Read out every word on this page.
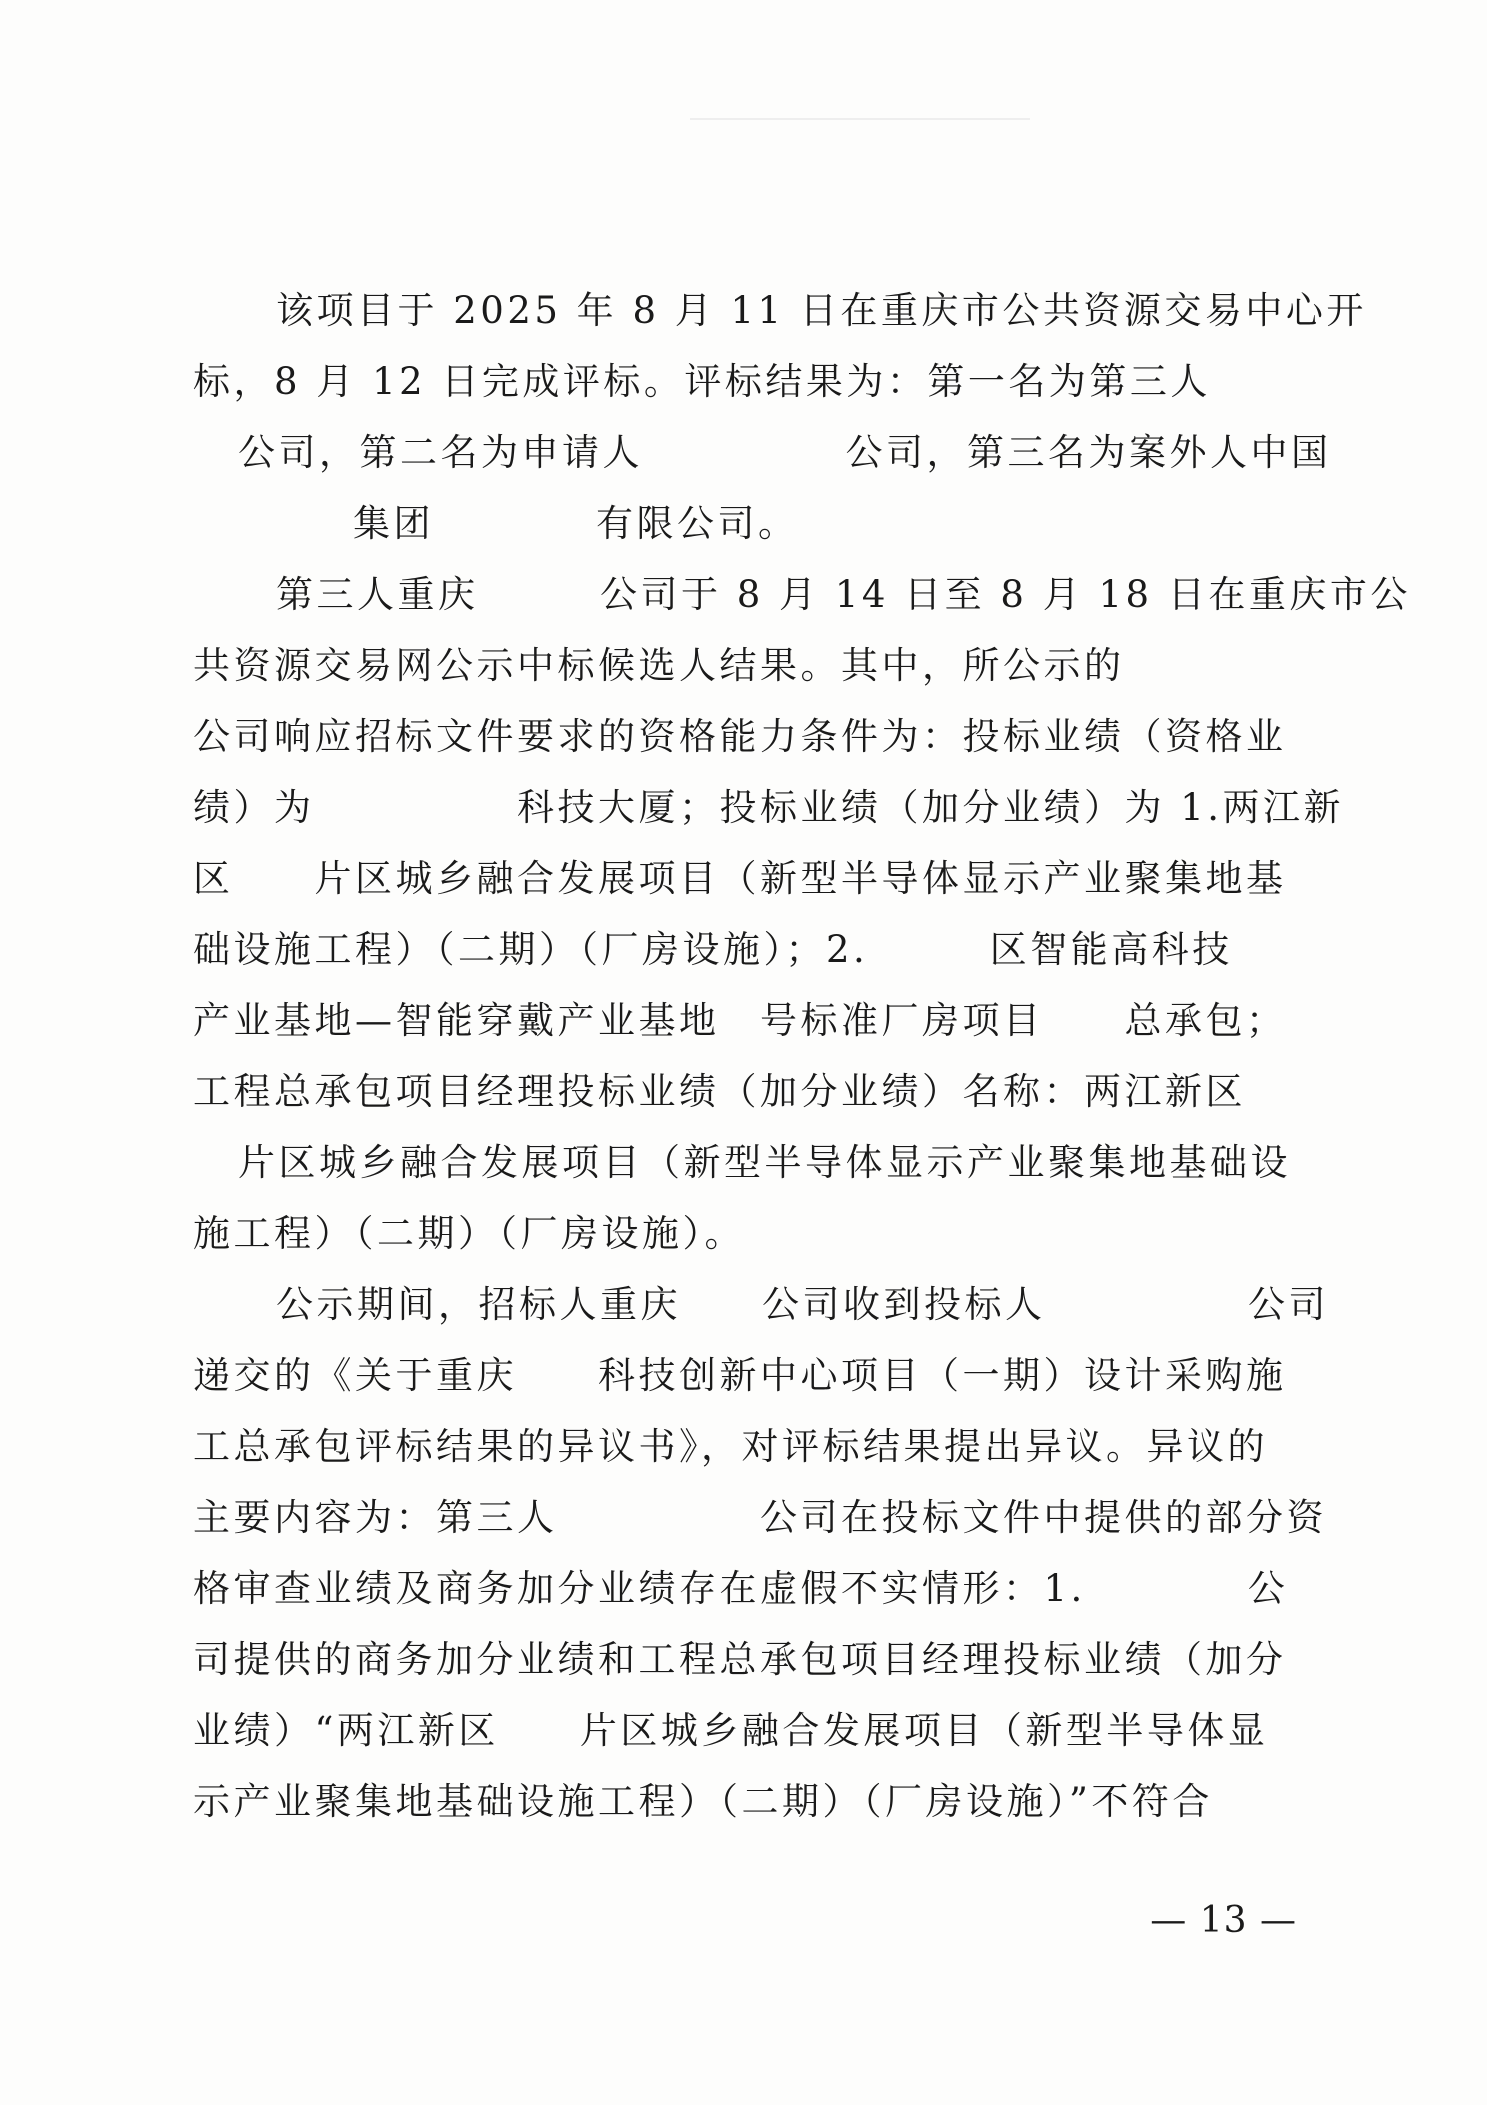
该项目于 2025 年 8 月 11 日在重庆市公共资源交易中心开
标，8 月 12 日完成评标。评标结果为：第一名为第三人
公司，第二名为申请人　　　　　公司，第三名为案外人中国
集团　　　　有限公司。
第三人重庆　　　公司于 8 月 14 日至 8 月 18 日在重庆市公
共资源交易网公示中标候选人结果。其中，所公示的
公司响应招标文件要求的资格能力条件为：投标业绩（资格业
绩）为　　　　　科技大厦；投标业绩（加分业绩）为 1.两江新
区　　片区城乡融合发展项目（新型半导体显示产业聚集地基
础设施工程）（二期）（厂房设施）；2.　　　区智能高科技
产业基地—智能穿戴产业基地　号标准厂房项目　　总承包；
工程总承包项目经理投标业绩（加分业绩）名称：两江新区
片区城乡融合发展项目（新型半导体显示产业聚集地基础设
施工程）（二期）（厂房设施）。
公示期间，招标人重庆　　公司收到投标人　　　　　公司
递交的《关于重庆　　科技创新中心项目（一期）设计采购施
工总承包评标结果的异议书》，对评标结果提出异议。异议的
主要内容为：第三人　　　　　公司在投标文件中提供的部分资
格审查业绩及商务加分业绩存在虚假不实情形：1.　　　　公
司提供的商务加分业绩和工程总承包项目经理投标业绩（加分
业绩）“两江新区　　片区城乡融合发展项目（新型半导体显
示产业聚集地基础设施工程）（二期）（厂房设施）”不符合
— 13 —
